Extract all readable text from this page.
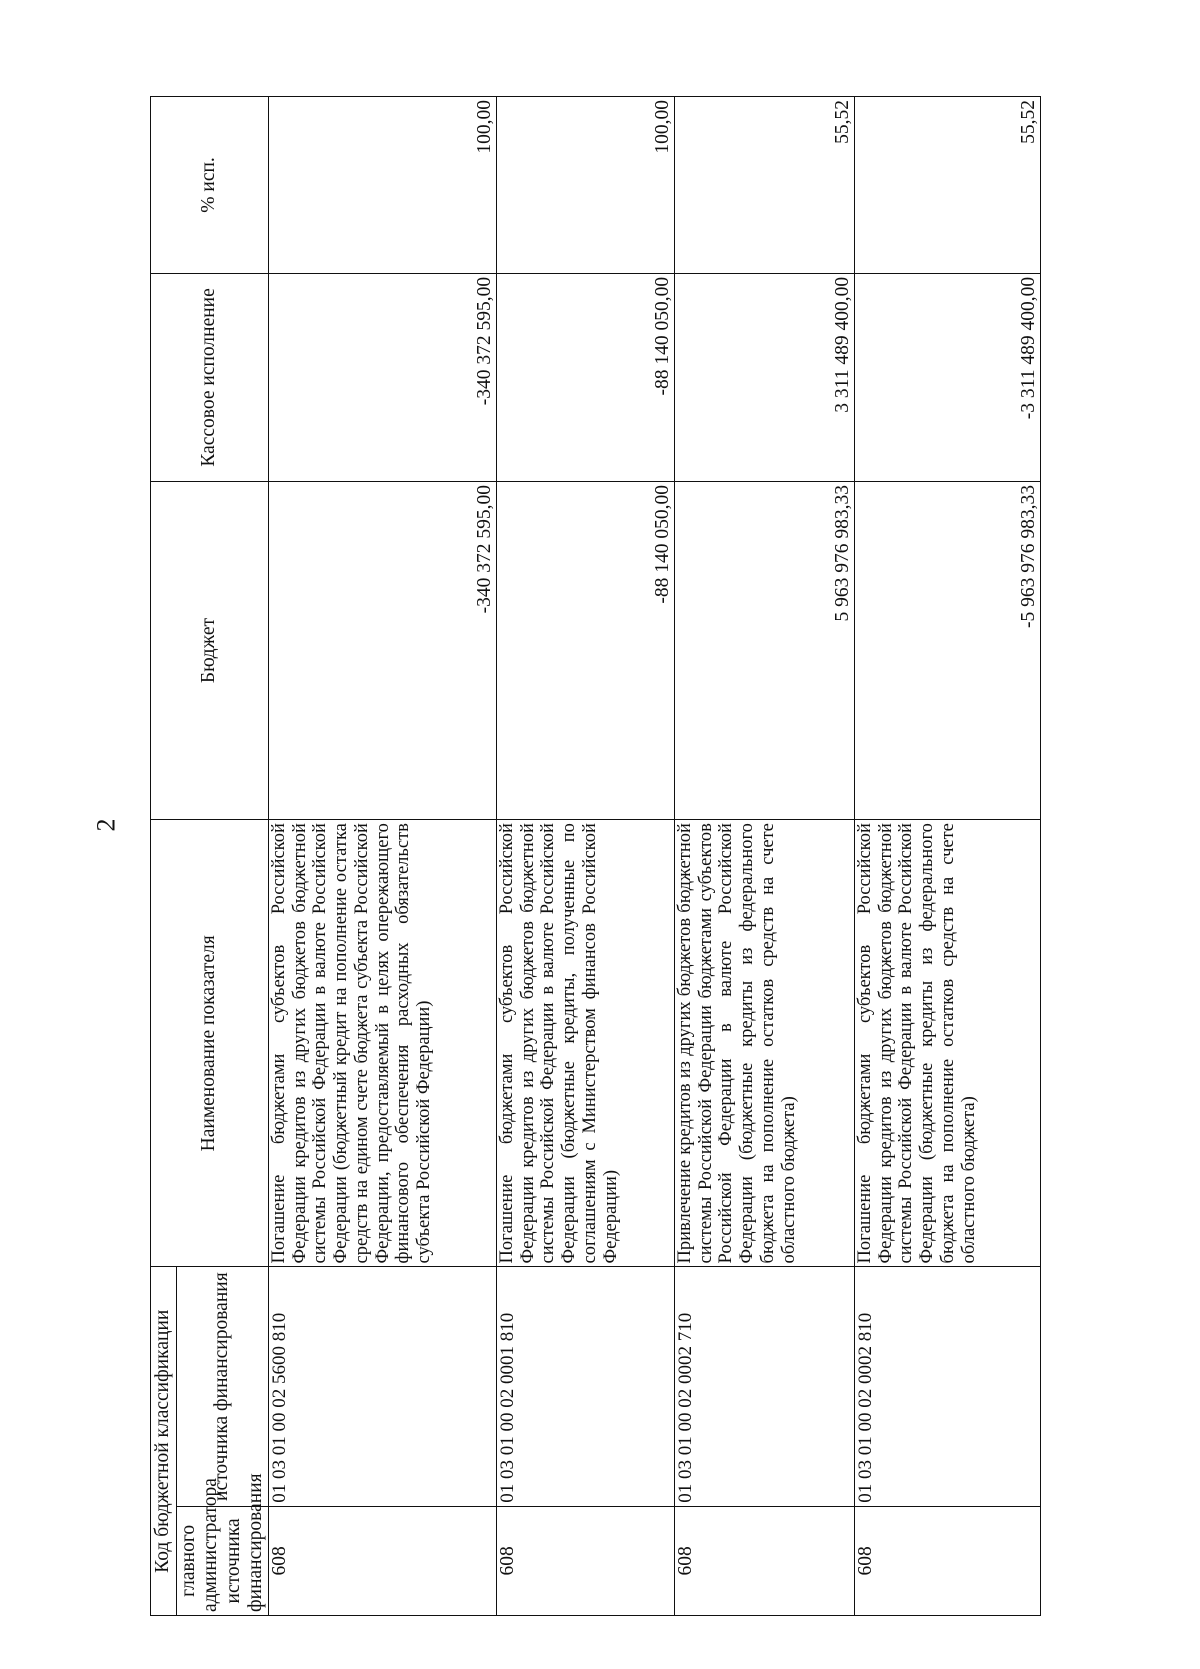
2
Код бюджетной классификации		Наименование показателя	Бюджет	Кассовое исполнение	% исп.
главного администратора источника финансирования	источника финансирования				
608	01 03 01 00 02 5600 810	Погашение бюджетами субъектов Российской Федерации кредитов из других бюджетов бюджетной системы Российской Федерации в валюте Российской Федерации (бюджетный кредит на пополнение остатка средств на едином счете бюджета субъекта Российской Федерации, предоставляемый в целях опережающего финансового обеспечения расходных обязательств субъекта Российской Федерации)	-340 372 595,00	-340 372 595,00	100,00
608	01 03 01 00 02 0001 810	Погашение бюджетами субъектов Российской Федерации кредитов из других бюджетов бюджетной системы Российской Федерации в валюте Российской Федерации (бюджетные кредиты, полученные по соглашениям с Министерством финансов Российской Федерации)	-88 140 050,00	-88 140 050,00	100,00
608	01 03 01 00 02 0002 710	Привлечение кредитов из других бюджетов бюджетной системы Российской Федерации бюджетами субъектов Российской Федерации в валюте Российской Федерации (бюджетные кредиты из федерального бюджета на пополнение остатков средств на счете областного бюджета)	5 963 976 983,33	3 311 489 400,00	55,52
608	01 03 01 00 02 0002 810	Погашение бюджетами субъектов Российской Федерации кредитов из других бюджетов бюджетной системы Российской Федерации в валюте Российской Федерации (бюджетные кредиты из федерального бюджета на пополнение остатков средств на счете областного бюджета)	-5 963 976 983,33	-3 311 489 400,00	55,52
